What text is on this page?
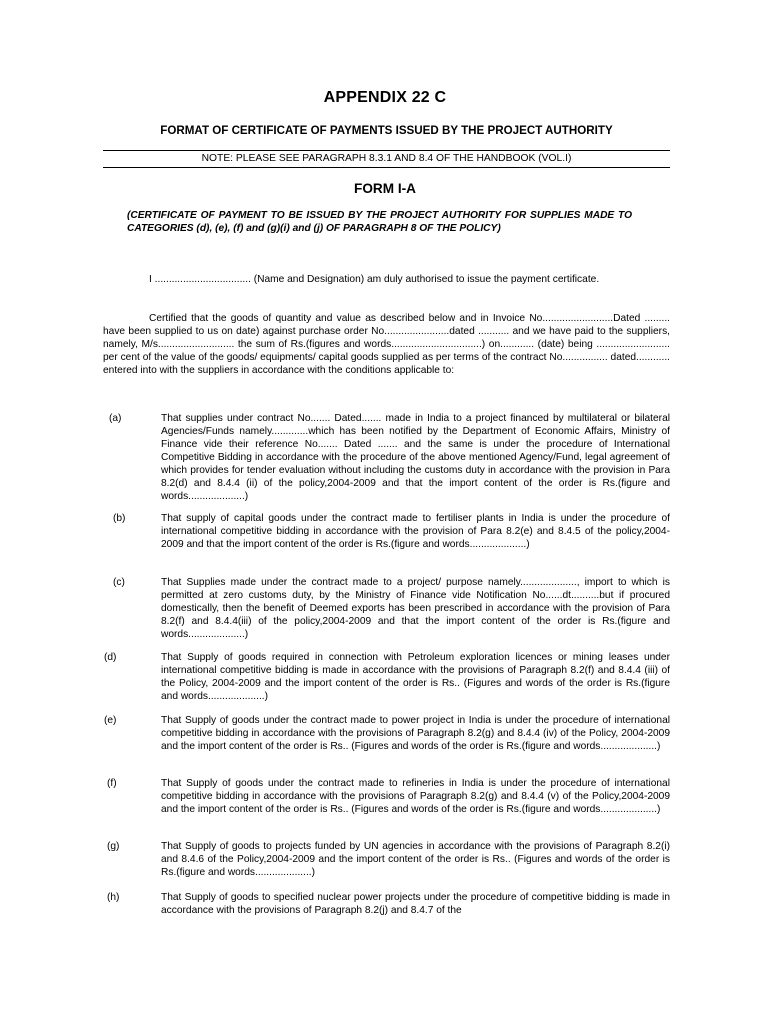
APPENDIX 22 C
FORMAT OF CERTIFICATE OF PAYMENTS ISSUED BY THE PROJECT AUTHORITY
NOTE: PLEASE SEE PARAGRAPH 8.3.1 AND 8.4 OF THE HANDBOOK (VOL.I)
FORM I-A
(CERTIFICATE OF PAYMENT TO BE ISSUED BY THE PROJECT AUTHORITY FOR SUPPLIES MADE TO CATEGORIES (d), (e), (f) and (g)(i) and (j) OF PARAGRAPH 8 OF THE POLICY)
I .................................. (Name and Designation) am duly authorised to issue the payment certificate.
Certified that the goods of quantity and value as described below and in Invoice No.........................Dated ......... have been supplied to us on date) against purchase order No.......................dated ........... and we have paid to the suppliers, namely, M/s........................... the sum of Rs.(figures and words................................) on............ (date) being .......................... per cent of the value of the goods/ equipments/ capital goods supplied as per terms of the contract No................ dated............ entered into with the suppliers in accordance with the conditions applicable to:
(a)	That supplies under contract No....... Dated....... made in India to a project financed by multilateral or bilateral Agencies/Funds namely.............which has been notified by the Department of Economic Affairs, Ministry of Finance vide their reference No....... Dated ....... and the same is under the procedure of International Competitive Bidding in accordance with the procedure of the above mentioned Agency/Fund, legal agreement of which provides for tender evaluation without including the customs duty in accordance with the provision in Para 8.2(d) and 8.4.4 (ii) of the policy,2004-2009 and that the import content of the order is Rs.(figure and words....................)
(b)	That supply of capital goods under the contract made to fertiliser plants in India is under the procedure of international competitive bidding in accordance with the provision of Para 8.2(e) and 8.4.5 of the policy,2004-2009 and that the import content of the order is Rs.(figure and words....................)
(c)	That Supplies made under the contract made to a project/ purpose namely...................., import to which is permitted at zero customs duty, by the Ministry of Finance vide Notification No......dt..........but if procured domestically, then the benefit of Deemed exports has been prescribed in accordance with the provision of Para 8.2(f) and 8.4.4(iii) of the policy,2004-2009 and that the import content of the order is Rs.(figure and words....................)
(d)	That Supply of goods required in connection with Petroleum exploration licences or mining leases under international competitive bidding is made in accordance with the provisions of Paragraph 8.2(f) and 8.4.4 (iii) of the Policy, 2004-2009 and the import content of the order is Rs.. (Figures and words of the order is Rs.(figure and words....................)
(e)	That Supply of goods under the contract made to power project in India is under the procedure of international competitive bidding in accordance with the provisions of Paragraph 8.2(g) and 8.4.4 (iv) of the Policy, 2004-2009 and the import content of the order is Rs.. (Figures and words of the order is Rs.(figure and words....................)
(f)	That Supply of goods under the contract made to refineries in India is under the procedure of international competitive bidding in accordance with the provisions of Paragraph 8.2(g) and 8.4.4 (v) of the Policy,2004-2009 and the import content of the order is Rs.. (Figures and words of the order is Rs.(figure and words....................)
(g)	That Supply of goods to projects funded by UN agencies in accordance with the provisions of Paragraph 8.2(i) and 8.4.6 of the Policy,2004-2009 and the import content of the order is Rs.. (Figures and words of the order is Rs.(figure and words....................)
(h)	That Supply of goods to specified nuclear power projects under the procedure of competitive bidding is made in accordance with the provisions of Paragraph 8.2(j) and 8.4.7 of the
